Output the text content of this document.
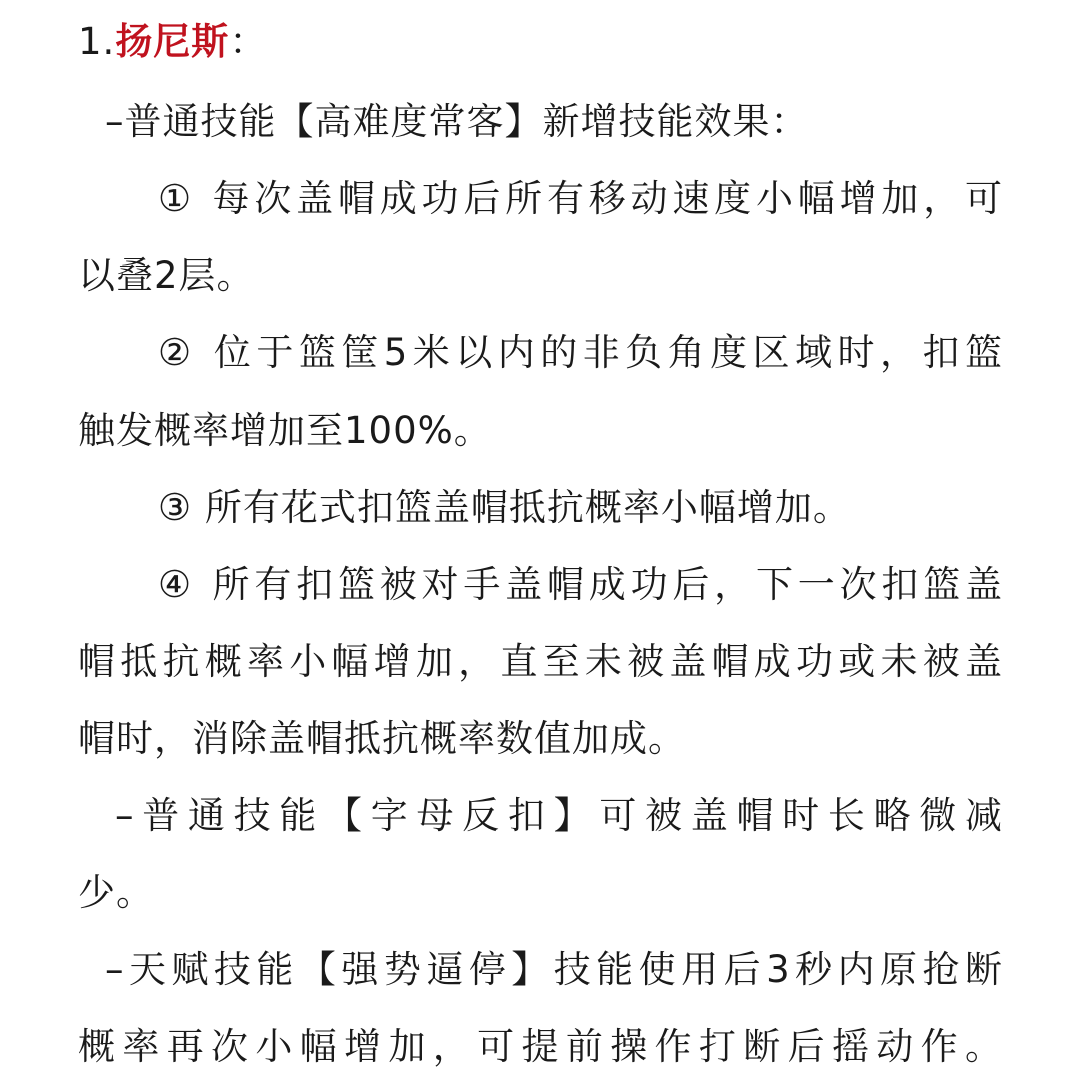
1.扬尼斯：
–普通技能【高难度常客】新增技能效果：
① 每次盖帽成功后所有移动速度小幅增加，可
以叠2层。
② 位于篮筐5米以内的非负角度区域时，扣篮
触发概率增加至100%。
③ 所有花式扣篮盖帽抵抗概率小幅增加。
④ 所有扣篮被对手盖帽成功后，下一次扣篮盖
帽抵抗概率小幅增加，直至未被盖帽成功或未被盖
帽时，消除盖帽抵抗概率数值加成。
–普通技能【字母反扣】可被盖帽时长略微减
少。
–天赋技能【强势逼停】技能使用后3秒内原抢断
概率再次小幅增加，可提前操作打断后摇动作。
